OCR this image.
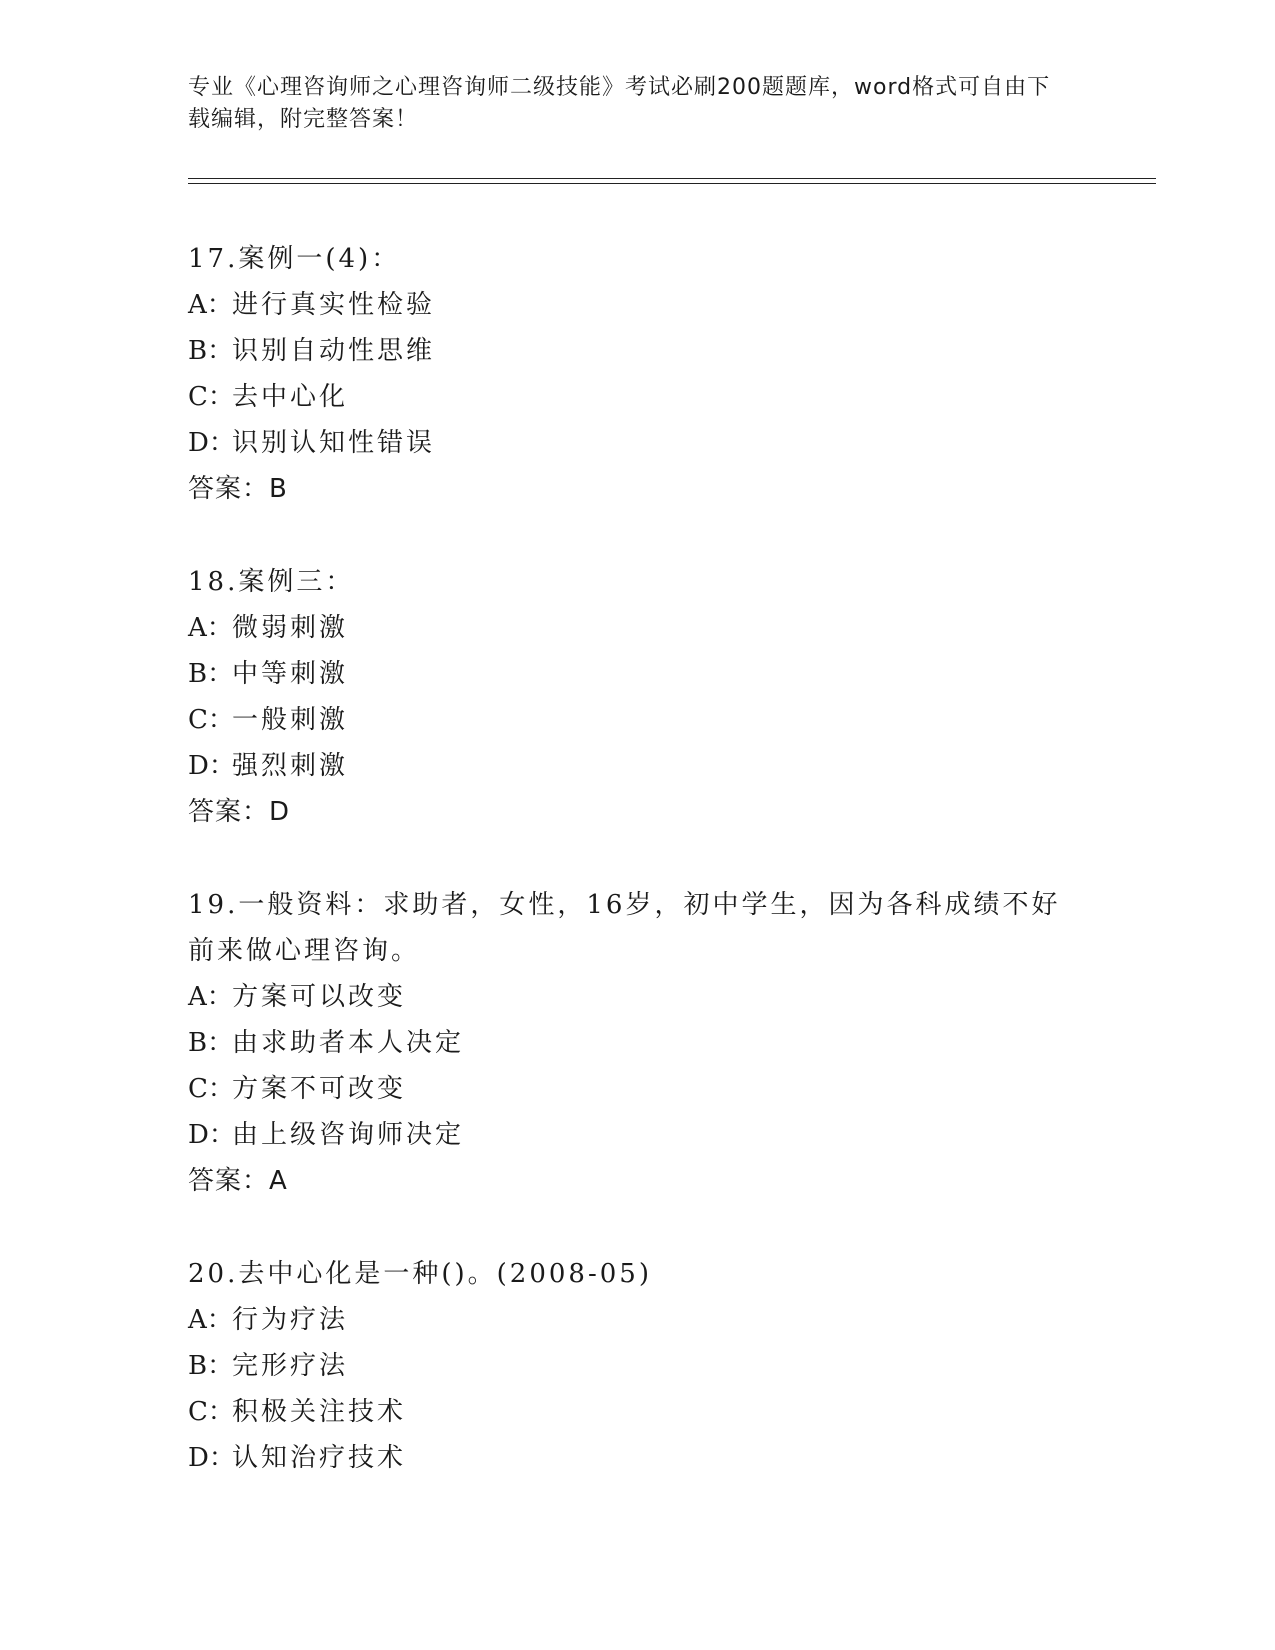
专业《心理咨询师之心理咨询师二级技能》考试必刷200题题库，word格式可自由下载编辑，附完整答案！
17.案例一(4)：
A：进行真实性检验
B：识别自动性思维
C：去中心化
D：识别认知性错误
答案：B
18.案例三：
A：微弱刺激
B：中等刺激
C：一般刺激
D：强烈刺激
答案：D
19.一般资料：求助者，女性，16岁，初中学生，因为各科成绩不好前来做心理咨询。
A：方案可以改变
B：由求助者本人决定
C：方案不可改变
D：由上级咨询师决定
答案：A
20.去中心化是一种()。(2008-05)
A：行为疗法
B：完形疗法
C：积极关注技术
D：认知治疗技术
